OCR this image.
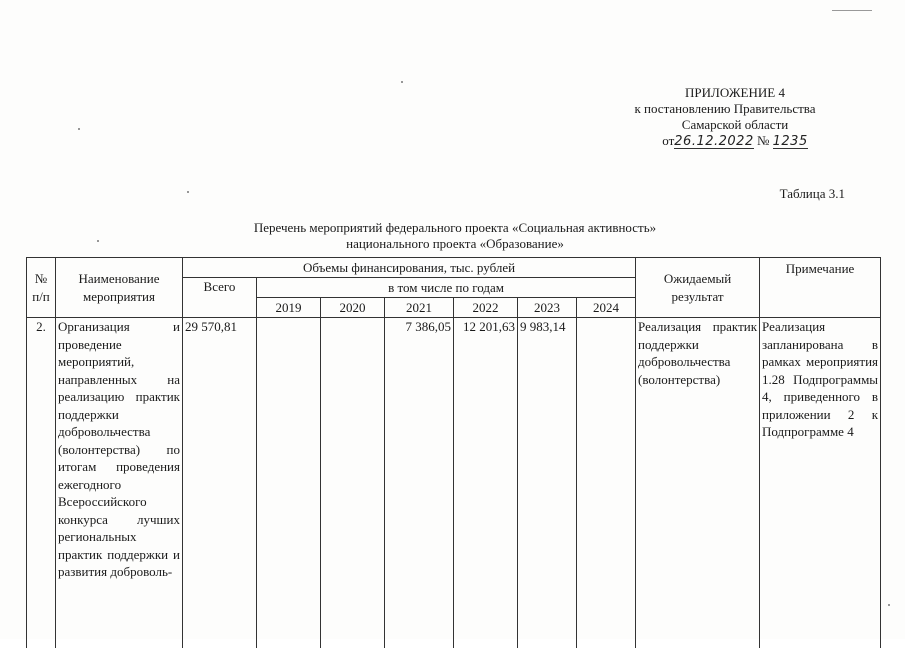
ПРИЛОЖЕНИЕ 4
к постановлению Правительства
Самарской области
от26.12.2022 № 1235
Таблица 3.1
Перечень мероприятий федерального проекта «Социальная активность»
национального проекта «Образование»
№ п/п	Наименование мероприятия	Объемы финансирования, тыс. рублей							Ожидаемый результат	Примечание
		Всего	в том числе по годам							
			2019	2020	2021	2022	2023	2024		
2.	Организация и проведение мероприятий, направленных на реализацию практик поддержки добровольчества (волонтерства) по итогам проведения ежегодного Всероссийского конкурса лучших региональных практик поддержки и развития доброволь-	29 570,81			7 386,05	12 201,63	9 983,14		Реализация практик поддержки добровольчества (волонтерства)	Реализация запланирована в рамках мероприятия 1.28 Подпрограммы 4, приведенного в приложении 2 к Подпрограмме 4
